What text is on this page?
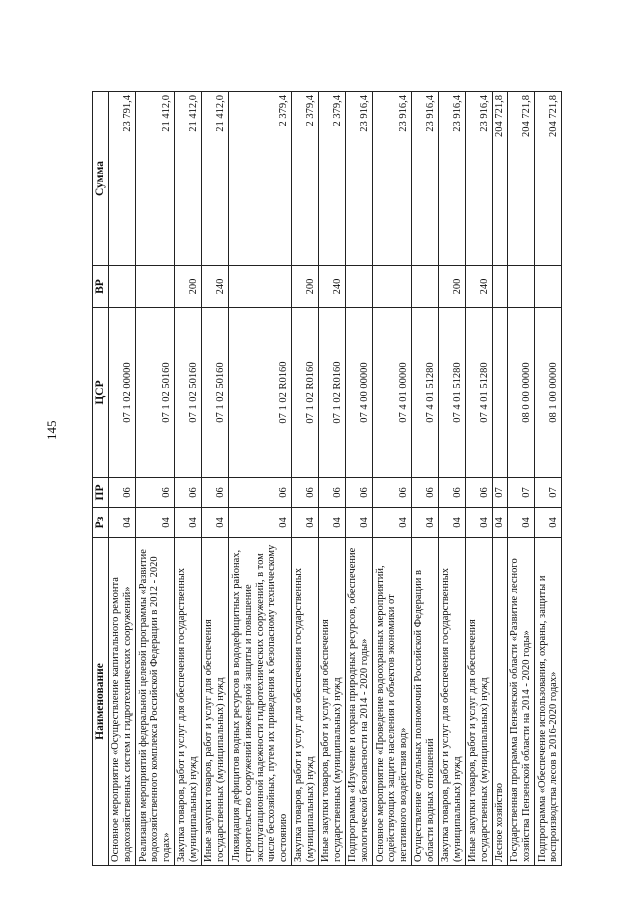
145
Наименование	Рз	ПР	ЦСР	ВР	Сумма
Основное мероприятие «Осуществление капитального ремонта водохозяйственных систем и гидротехнических сооружений»	04	06	07 1 02 00000		23 791,4
Реализация мероприятий федеральной целевой программы «Развитие водохозяйственного комплекса Российской Федерации в 2012 - 2020 годах»	04	06	07 1 02 50160		21 412,0
Закупка товаров, работ и услуг для обеспечения государственных (муниципальных) нужд	04	06	07 1 02 50160	200	21 412,0
Иные закупки товаров, работ и услуг для обеспечения государственных (муниципальных) нужд	04	06	07 1 02 50160	240	21 412,0
Ликвидация дефицитов водных ресурсов в вододефицитных районах, строительство сооружений инженерной защиты и повышение эксплуатационной надежности гидротехнических сооружений, в том числе бесхозяйных, путем их приведения к безопасному техническому состоянию	04	06	07 1 02 R0160		2 379,4
Закупка товаров, работ и услуг для обеспечения государственных (муниципальных) нужд	04	06	07 1 02 R0160	200	2 379,4
Иные закупки товаров, работ и услуг для обеспечения государственных (муниципальных) нужд	04	06	07 1 02 R0160	240	2 379,4
Подпрограмма «Изучение и охрана природных ресурсов, обеспечение экологической безопасности на 2014 - 2020 годы»	04	06	07 4 00 00000		23 916,4
Основное мероприятие «Проведение водоохранных мероприятий, содействующих защите населения и объектов экономики от негативного воздействия вод»	04	06	07 4 01 00000		23 916,4
Осуществление отдельных полномочий Российской Федерации в области водных отношений	04	06	07 4 01 51280		23 916,4
Закупка товаров, работ и услуг для обеспечения государственных (муниципальных) нужд	04	06	07 4 01 51280	200	23 916,4
Иные закупки товаров, работ и услуг для обеспечения государственных (муниципальных) нужд	04	06	07 4 01 51280	240	23 916,4
Лесное хозяйство	04	07			204 721,8
Государственная программа Пензенской области «Развитие лесного хозяйства Пензенской области на 2014 - 2020 годы»	04	07	08 0 00 00000		204 721,8
Подпрограмма «Обеспечение использования, охраны, защиты и воспроизводства лесов в 2016-2020 годах»	04	07	08 1 00 00000		204 721,8
